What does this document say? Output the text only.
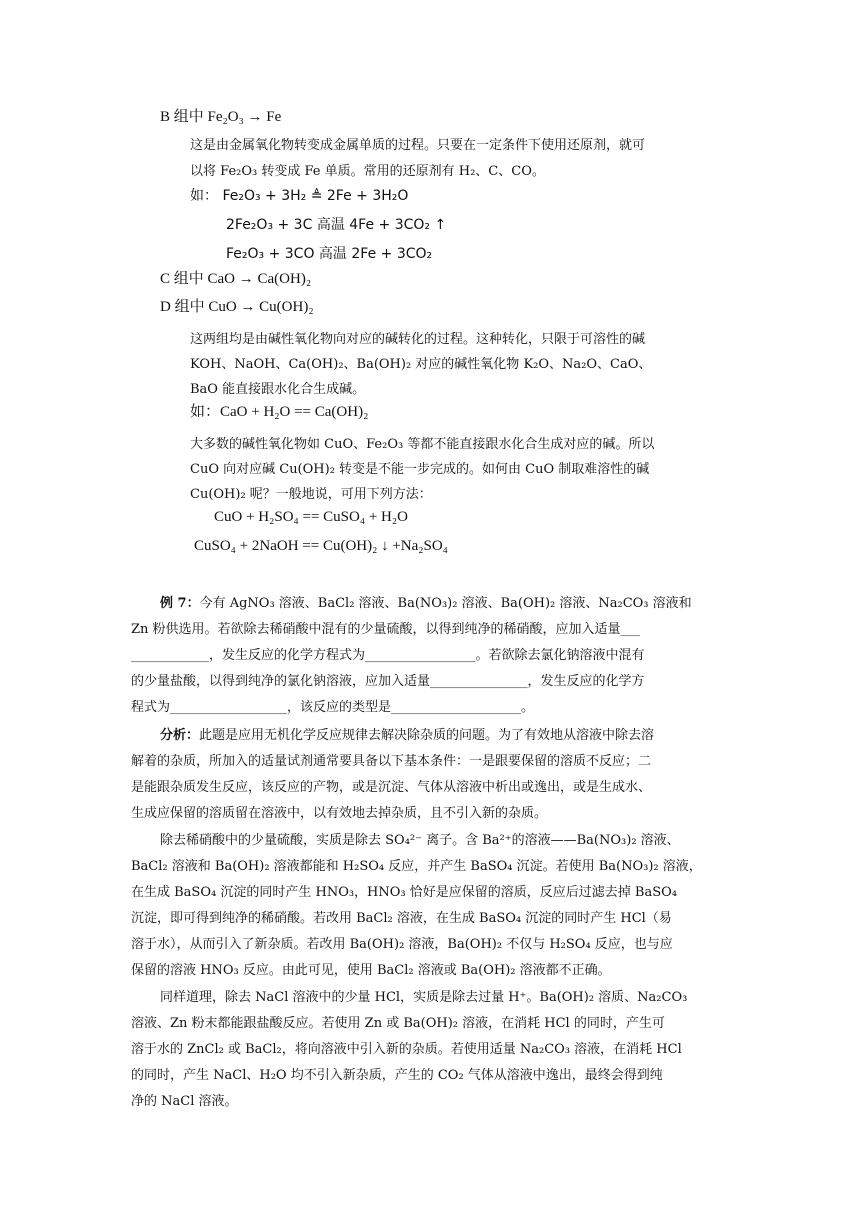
B 组中 Fe₂O₃ → Fe
这是由金属氧化物转变成金属单质的过程。只要在一定条件下使用还原剂，就可
以将 Fe₂O₃ 转变成 Fe 单质。常用的还原剂有 H₂、C、CO。
如： Fe₂O₃ + 3H₂ ≜ 2Fe + 3H₂O
2Fe₂O₃ + 3C 高温 4Fe + 3CO₂ ↑
Fe₂O₃ + 3CO 高温 2Fe + 3CO₂
C 组中 CaO → Ca(OH)₂
D 组中 CuO → Cu(OH)₂
这两组均是由碱性氧化物向对应的碱转化的过程。这种转化，只限于可溶性的碱
KOH、NaOH、Ca(OH)₂、Ba(OH)₂ 对应的碱性氧化物 K₂O、Na₂O、CaO、
BaO 能直接跟水化合生成碱。
如：CaO + H₂O == Ca(OH)₂
大多数的碱性氧化物如 CuO、Fe₂O₃ 等都不能直接跟水化合生成对应的碱。所以
CuO 向对应碱 Cu(OH)₂ 转变是不能一步完成的。如何由 CuO 制取难溶性的碱
Cu(OH)₂ 呢？一般地说，可用下列方法：
CuO + H₂SO₄ == CuSO₄ + H₂O
CuSO₄ + 2NaOH == Cu(OH)₂ ↓ +Na₂SO₄
例 7：今有 AgNO₃ 溶液、BaCl₂ 溶液、Ba(NO₃)₂ 溶液、Ba(OH)₂ 溶液、Na₂CO₃ 溶液和
Zn 粉供选用。若欲除去稀硝酸中混有的少量硫酸，以得到纯净的稀硝酸，应加入适量___
____________，发生反应的化学方程式为_________________。若欲除去氯化钠溶液中混有
的少量盐酸，以得到纯净的氯化钠溶液，应加入适量_______________，发生反应的化学方
程式为__________________，该反应的类型是____________________。
分析：此题是应用无机化学反应规律去解决除杂质的问题。为了有效地从溶液中除去溶
解着的杂质，所加入的适量试剂通常要具备以下基本条件：一是跟要保留的溶质不反应；二
是能跟杂质发生反应，该反应的产物，或是沉淀、气体从溶液中析出或逸出，或是生成水、
生成应保留的溶质留在溶液中，以有效地去掉杂质，且不引入新的杂质。
除去稀硝酸中的少量硫酸，实质是除去 SO₄²⁻ 离子。含 Ba²⁺的溶液——Ba(NO₃)₂ 溶液、
BaCl₂ 溶液和 Ba(OH)₂ 溶液都能和 H₂SO₄ 反应，并产生 BaSO₄ 沉淀。若使用 Ba(NO₃)₂ 溶液，
在生成 BaSO₄ 沉淀的同时产生 HNO₃，HNO₃ 恰好是应保留的溶质，反应后过滤去掉 BaSO₄
沉淀，即可得到纯净的稀硝酸。若改用 BaCl₂ 溶液，在生成 BaSO₄ 沉淀的同时产生 HCl（易
溶于水），从而引入了新杂质。若改用 Ba(OH)₂ 溶液，Ba(OH)₂ 不仅与 H₂SO₄ 反应，也与应
保留的溶液 HNO₃ 反应。由此可见，使用 BaCl₂ 溶液或 Ba(OH)₂ 溶液都不正确。
同样道理，除去 NaCl 溶液中的少量 HCl，实质是除去过量 H⁺。Ba(OH)₂ 溶质、Na₂CO₃
溶液、Zn 粉末都能跟盐酸反应。若使用 Zn 或 Ba(OH)₂ 溶液，在消耗 HCl 的同时，产生可
溶于水的 ZnCl₂ 或 BaCl₂，将向溶液中引入新的杂质。若使用适量 Na₂CO₃ 溶液，在消耗 HCl
的同时，产生 NaCl、H₂O 均不引入新杂质，产生的 CO₂ 气体从溶液中逸出，最终会得到纯
净的 NaCl 溶液。
